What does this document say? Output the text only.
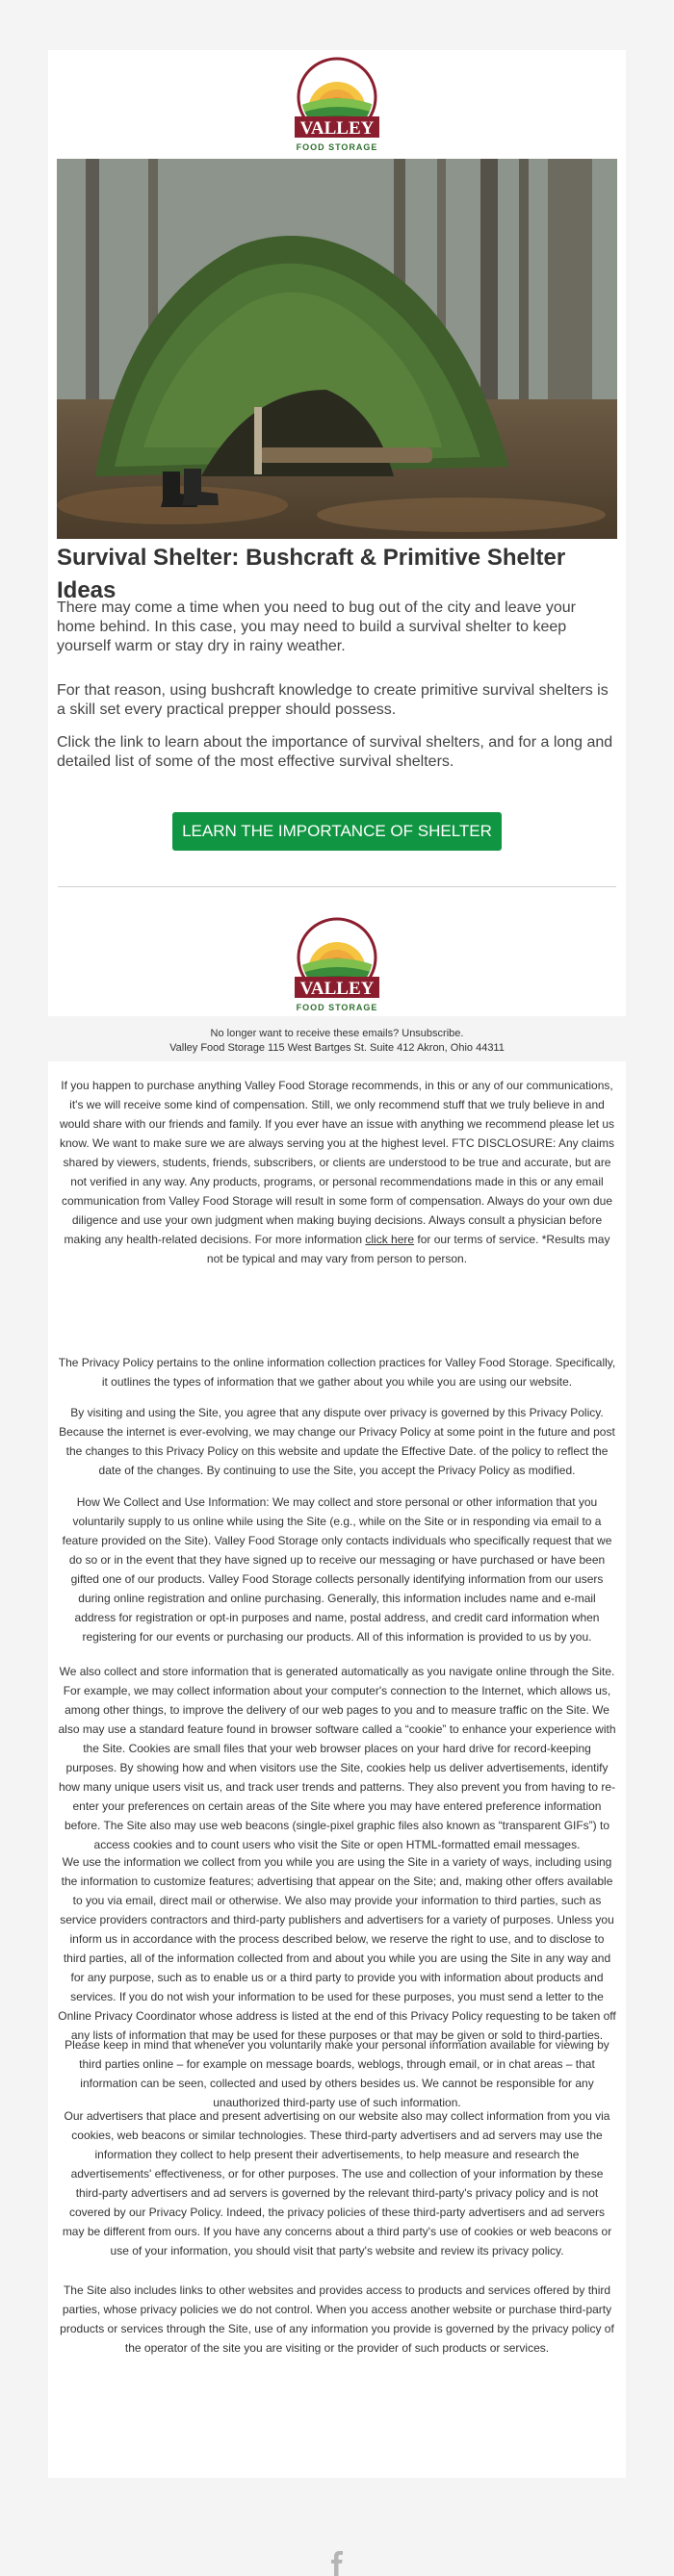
Survival Shelter: Bushcraft & Primitive Shelter Ideas

There may come a time when you need to bug out of the city and leave your home behind. In this case, you may need to build a survival shelter to keep yourself warm or stay dry in rainy weather.

For that reason, using bushcraft knowledge to create primitive survival shelters is a skill set every practical prepper should possess.

Click the link to learn about the importance of survival shelters, and for a long and detailed list of some of the most effective survival shelters.

LEARN THE IMPORTANCE OF SHELTER
No longer want to receive these emails? Unsubscribe.
Valley Food Storage 115 West Bartges St. Suite 412 Akron, Ohio 44311

If you happen to purchase anything Valley Food Storage recommends, in this or any of our communications, it's we will receive some kind of compensation. Still, we only recommend stuff that we truly believe in and would share with our friends and family. If you ever have an issue with anything we recommend please let us know. We want to make sure we are always serving you at the highest level. FTC DISCLOSURE: Any claims shared by viewers, students, friends, subscribers, or clients are understood to be true and accurate, but are not verified in any way. Any products, programs, or personal recommendations made in this or any email communication from Valley Food Storage will result in some form of compensation. Always do your own due diligence and use your own judgment when making buying decisions. Always consult a physician before making any health-related decisions. For more information click here for our terms of service. *Results may not be typical and may vary from person to person.

The Privacy Policy pertains to the online information collection practices for Valley Food Storage. Specifically, it outlines the types of information that we gather about you while you are using our website.

By visiting and using the Site, you agree that any dispute over privacy is governed by this Privacy Policy. Because the internet is ever-evolving, we may change our Privacy Policy at some point in the future and post the changes to this Privacy Policy on this website and update the Effective Date. of the policy to reflect the date of the changes. By continuing to use the Site, you accept the Privacy Policy as modified.

How We Collect and Use Information: We may collect and store personal or other information that you voluntarily supply to us online while using the Site (e.g., while on the Site or in responding via email to a feature provided on the Site). Valley Food Storage only contacts individuals who specifically request that we do so or in the event that they have signed up to receive our messaging or have purchased or have been gifted one of our products. Valley Food Storage collects personally identifying information from our users during online registration and online purchasing. Generally, this information includes name and e-mail address for registration or opt-in purposes and name, postal address, and credit card information when registering for our events or purchasing our products. All of this information is provided to us by you.

We also collect and store information that is generated automatically as you navigate online through the Site. For example, we may collect information about your computer's connection to the Internet, which allows us, among other things, to improve the delivery of our web pages to you and to measure traffic on the Site. We also may use a standard feature found in browser software called a “cookie” to enhance your experience with the Site. Cookies are small files that your web browser places on your hard drive for record-keeping purposes. By showing how and when visitors use the Site, cookies help us deliver advertisements, identify how many unique users visit us, and track user trends and patterns. They also prevent you from having to re-enter your preferences on certain areas of the Site where you may have entered preference information before. The Site also may use web beacons (single-pixel graphic files also known as “transparent GIFs”) to access cookies and to count users who visit the Site or open HTML-formatted email messages.

We use the information we collect from you while you are using the Site in a variety of ways, including using the information to customize features; advertising that appear on the Site; and, making other offers available to you via email, direct mail or otherwise. We also may provide your information to third parties, such as service providers contractors and third-party publishers and advertisers for a variety of purposes. Unless you inform us in accordance with the process described below, we reserve the right to use, and to disclose to third parties, all of the information collected from and about you while you are using the Site in any way and for any purpose, such as to enable us or a third party to provide you with information about products and services. If you do not wish your information to be used for these purposes, you must send a letter to the Online Privacy Coordinator whose address is listed at the end of this Privacy Policy requesting to be taken off any lists of information that may be used for these purposes or that may be given or sold to third-parties.

Please keep in mind that whenever you voluntarily make your personal information available for viewing by third parties online – for example on message boards, weblogs, through email, or in chat areas – that information can be seen, collected and used by others besides us. We cannot be responsible for any unauthorized third-party use of such information.

Our advertisers that place and present advertising on our website also may collect information from you via cookies, web beacons or similar technologies. These third-party advertisers and ad servers may use the information they collect to help present their advertisements, to help measure and research the advertisements' effectiveness, or for other purposes. The use and collection of your information by these third-party advertisers and ad servers is governed by the relevant third-party's privacy policy and is not covered by our Privacy Policy. Indeed, the privacy policies of these third-party advertisers and ad servers may be different from ours. If you have any concerns about a third party's use of cookies or web beacons or use of your information, you should visit that party's website and review its privacy policy.

The Site also includes links to other websites and provides access to products and services offered by third parties, whose privacy policies we do not control. When you access another website or purchase third-party products or services through the Site, use of any information you provide is governed by the privacy policy of the operator of the site you are visiting or the provider of such products or services.
